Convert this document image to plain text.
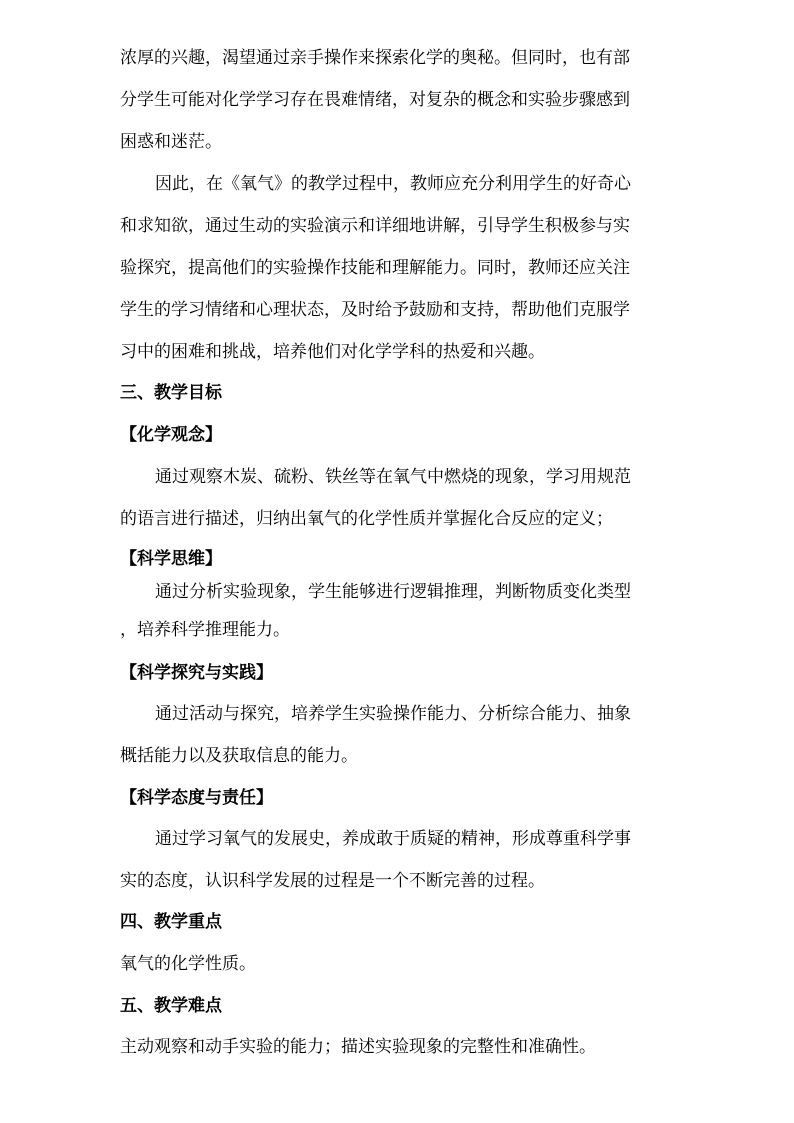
浓厚的兴趣，渴望通过亲手操作来探索化学的奥秘。但同时，也有部
分学生可能对化学学习存在畏难情绪，对复杂的概念和实验步骤感到
困惑和迷茫。
因此，在《氧气》的教学过程中，教师应充分利用学生的好奇心
和求知欲，通过生动的实验演示和详细地讲解，引导学生积极参与实
验探究，提高他们的实验操作技能和理解能力。同时，教师还应关注
学生的学习情绪和心理状态，及时给予鼓励和支持，帮助他们克服学
习中的困难和挑战，培养他们对化学学科的热爱和兴趣。
三、教学目标
【化学观念】
通过观察木炭、硫粉、铁丝等在氧气中燃烧的现象，学习用规范
的语言进行描述，归纳出氧气的化学性质并掌握化合反应的定义；
【科学思维】
通过分析实验现象，学生能够进行逻辑推理，判断物质变化类型
，培养科学推理能力。
【科学探究与实践】
通过活动与探究，培养学生实验操作能力、分析综合能力、抽象
概括能力以及获取信息的能力。
【科学态度与责任】
通过学习氧气的发展史，养成敢于质疑的精神，形成尊重科学事
实的态度，认识科学发展的过程是一个不断完善的过程。
四、教学重点
氧气的化学性质。
五、教学难点
主动观察和动手实验的能力；描述实验现象的完整性和准确性。
